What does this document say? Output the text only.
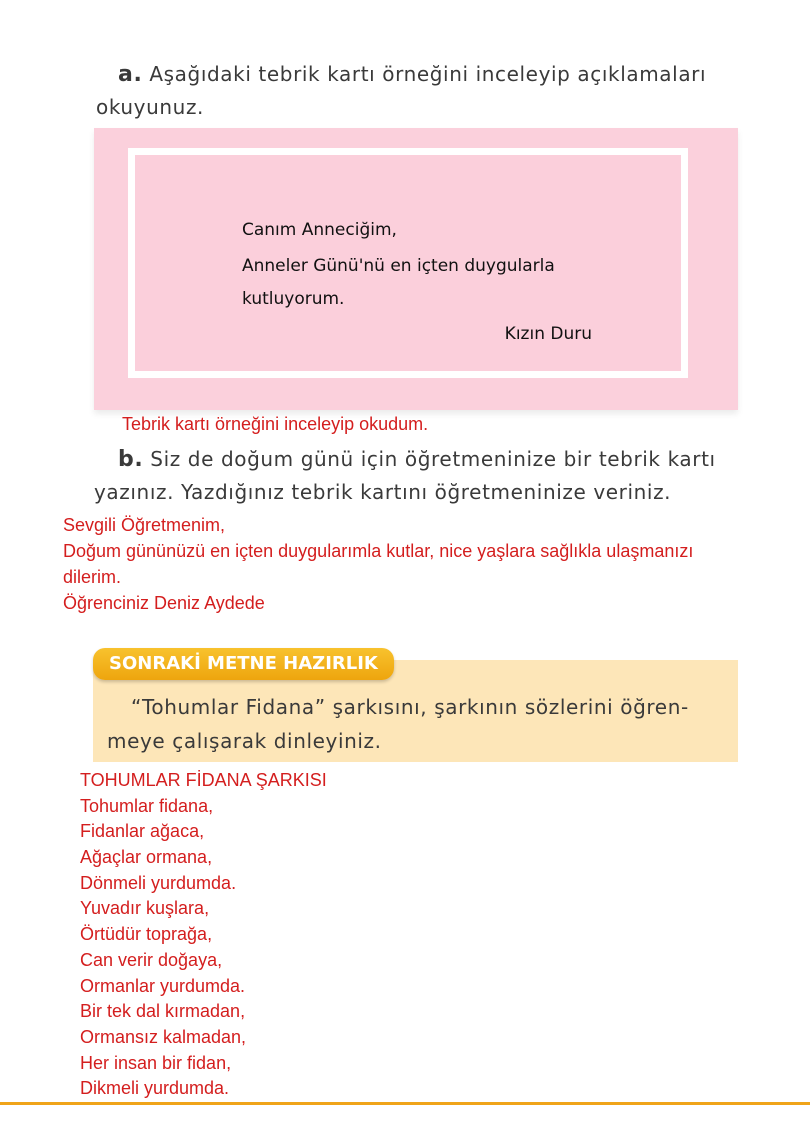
a. Aşağıdaki tebrik kartı örneğini inceleyip açıklamaları
okuyunuz.
Canım Anneciğim,
Anneler Günü'nü en içten duygularla
kutluyorum.
Kızın Duru
Tebrik kartı örneğini inceleyip okudum.
b. Siz de doğum günü için öğretmeninize bir tebrik kartı
yazınız. Yazdığınız tebrik kartını öğretmeninize veriniz.
Sevgili Öğretmenim,
Doğum gününüzü en içten duygularımla kutlar, nice yaşlara sağlıkla ulaşmanızı
dilerim.
Öğrenciniz Deniz Aydede
SONRAKİ METNE HAZIRLIK
“Tohumlar Fidana” şarkısını, şarkının sözlerini öğren-
meye çalışarak dinleyiniz.
TOHUMLAR FİDANA ŞARKISI
Tohumlar fidana,
Fidanlar ağaca,
Ağaçlar ormana,
Dönmeli yurdumda.
Yuvadır kuşlara,
Örtüdür toprağa,
Can verir doğaya,
Ormanlar yurdumda.
Bir tek dal kırmadan,
Ormansız kalmadan,
Her insan bir fidan,
Dikmeli yurdumda.
